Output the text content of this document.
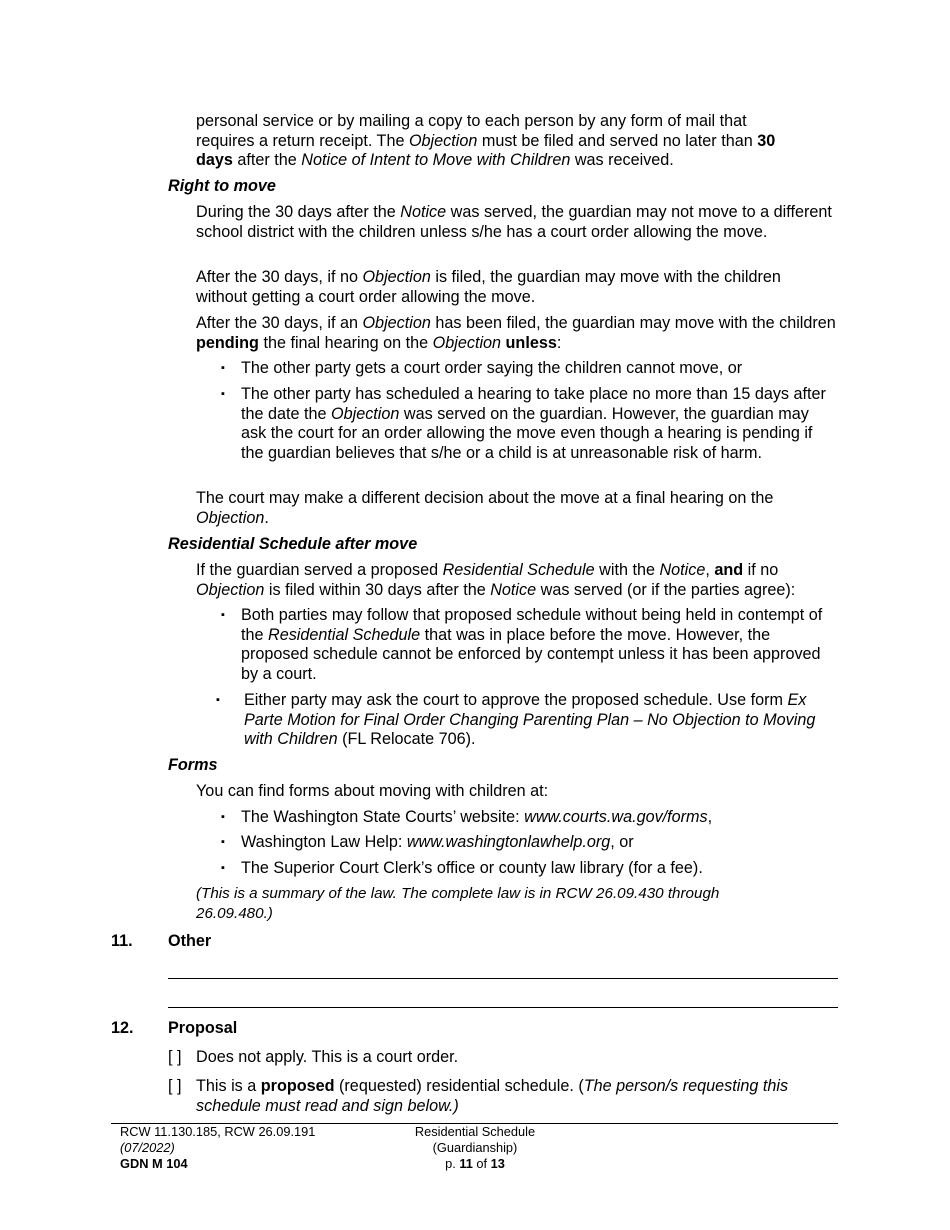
personal service or by mailing a copy to each person by any form of mail that
requires a return receipt. The Objection must be filed and served no later than 30
days after the Notice of Intent to Move with Children was received.

Right to move

During the 30 days after the Notice was served, the guardian may not move to a different school district with the children unless s/he has a court order allowing the move.

After the 30 days, if no Objection is filed, the guardian may move with the children without getting a court order allowing the move.

After the 30 days, if an Objection has been filed, the guardian may move with the children pending the final hearing on the Objection unless:

▪ The other party gets a court order saying the children cannot move, or

▪ The other party has scheduled a hearing to take place no more than 15 days after the date the Objection was served on the guardian. However, the guardian may ask the court for an order allowing the move even though a hearing is pending if the guardian believes that s/he or a child is at unreasonable risk of harm.

The court may make a different decision about the move at a final hearing on the Objection.

Residential Schedule after move

If the guardian served a proposed Residential Schedule with the Notice, and if no Objection is filed within 30 days after the Notice was served (or if the parties agree):

▪ Both parties may follow that proposed schedule without being held in contempt of the Residential Schedule that was in place before the move. However, the proposed schedule cannot be enforced by contempt unless it has been approved by a court.

▪ Either party may ask the court to approve the proposed schedule. Use form Ex Parte Motion for Final Order Changing Parenting Plan – No Objection to Moving with Children (FL Relocate 706).

Forms

You can find forms about moving with children at:

▪ The Washington State Courts’ website: www.courts.wa.gov/forms,

▪ Washington Law Help: www.washingtonlawhelp.org, or

▪ The Superior Court Clerk’s office or county law library (for a fee).

(This is a summary of the law. The complete law is in RCW 26.09.430 through 26.09.480.)

11. Other
12. Proposal
[ ] Does not apply. This is a court order.

[ ] This is a proposed (requested) residential schedule. (The person/s requesting this schedule must read and sign below.)

RCW 11.130.185, RCW 26.09.191
(07/2022)
GDN M 104
Residential Schedule
(Guardianship)
p. 11 of 13
